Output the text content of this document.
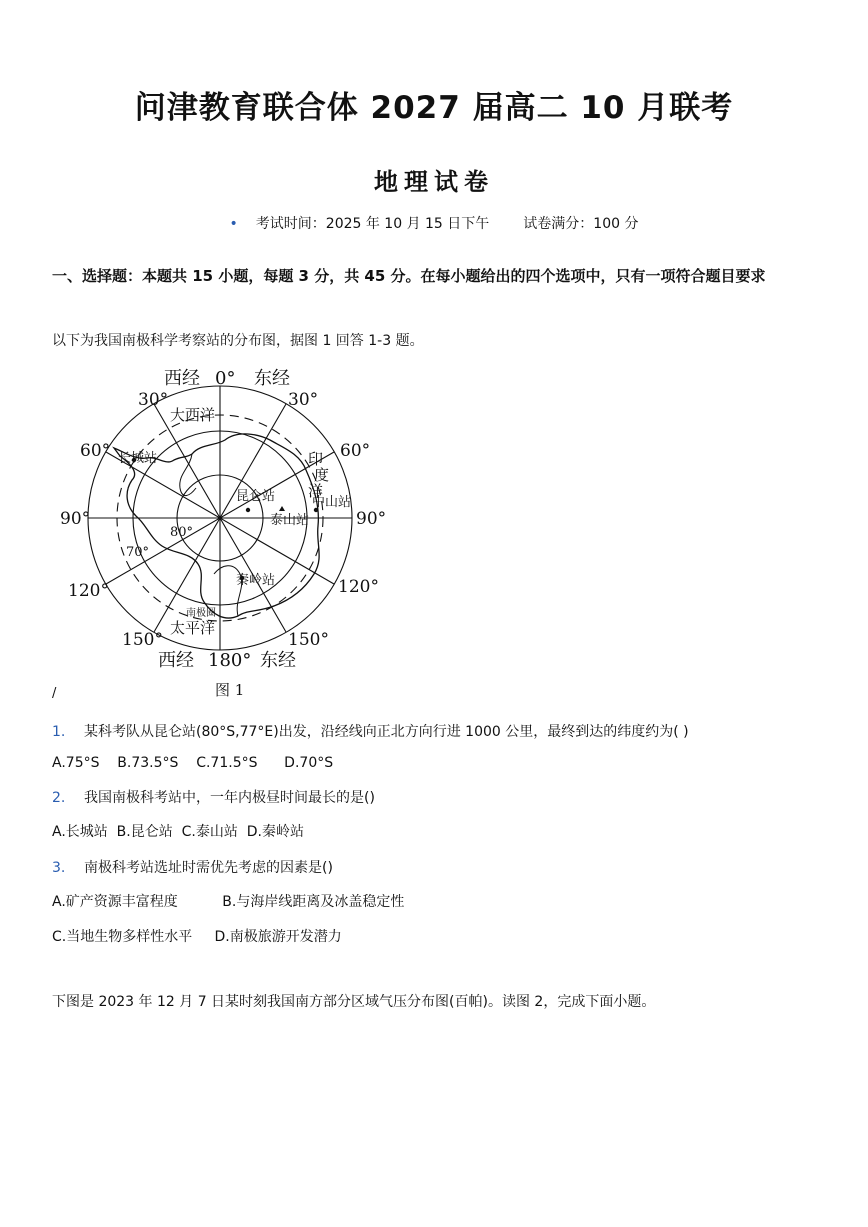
问津教育联合体 2027 届高二 10 月联考
地理试卷
• 考试时间：2025 年 10 月 15 日下午 试卷满分：100 分
一、选择题：本题共 15 小题，每题 3 分，共 45 分。在每小题给出的四个选项中，只有一项符合题目要求
以下为我国南极科学考察站的分布图，据图 1 回答 1-3 题。
西经 0° 东经
西经 180° 东经
30°	30°
60°	60°
90°	90°
120°	120°
150°	150°
80°
70°
大西洋
印
度
洋
太平洋
南极圈
长城站
昆仑站
泰山站
中山站
秦岭站
图 1
/
1. 某科考队从昆仑站(80°S,77°E)出发，沿经线向正北方向行进 1000 公里，最终到达的纬度约为( )
A.75°S    B.73.5°S    C.71.5°S      D.70°S
2. 我国南极科考站中，一年内极昼时间最长的是()
A.长城站  B.昆仑站  C.泰山站  D.秦岭站
3. 南极科考站选址时需优先考虑的因素是()
A.矿产资源丰富程度          B.与海岸线距离及冰盖稳定性
C.当地生物多样性水平     D.南极旅游开发潜力
下图是 2023 年 12 月 7 日某时刻我国南方部分区域气压分布图(百帕)。读图 2，完成下面小题。
